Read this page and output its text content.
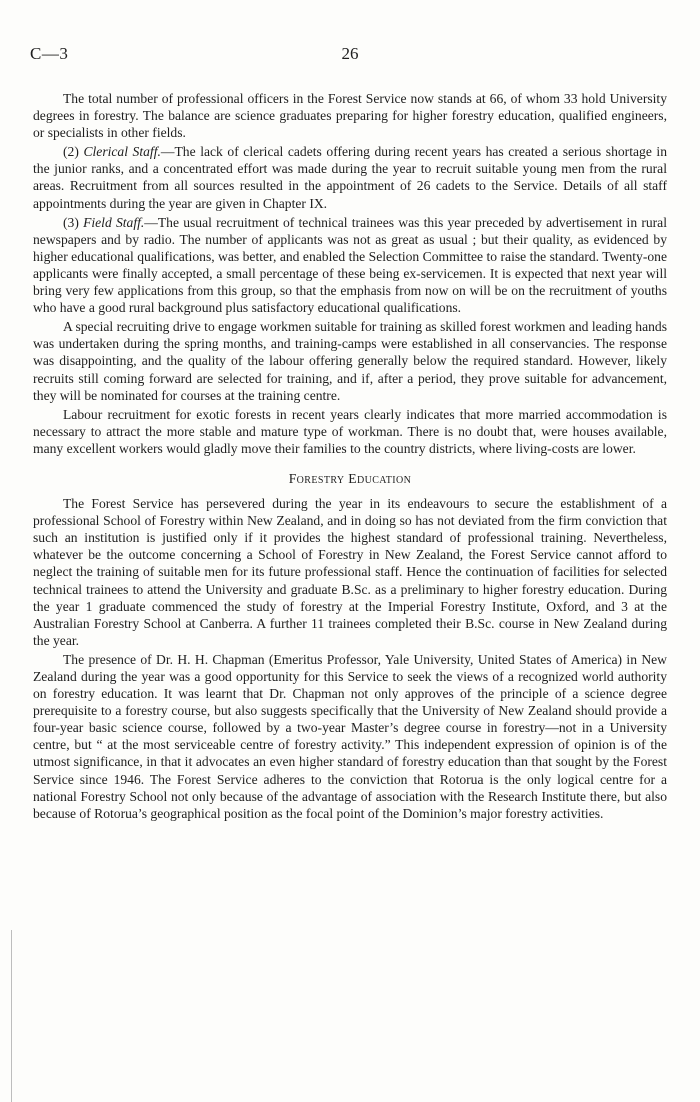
C—3	26

The total number of professional officers in the Forest Service now stands at 66, of whom 33 hold University degrees in forestry. The balance are science graduates preparing for higher forestry education, qualified engineers, or specialists in other fields.

(2) Clerical Staff.—The lack of clerical cadets offering during recent years has created a serious shortage in the junior ranks, and a concentrated effort was made during the year to recruit suitable young men from the rural areas. Recruitment from all sources resulted in the appointment of 26 cadets to the Service. Details of all staff appointments during the year are given in Chapter IX.

(3) Field Staff.—The usual recruitment of technical trainees was this year preceded by advertisement in rural newspapers and by radio. The number of applicants was not as great as usual ; but their quality, as evidenced by higher educational qualifications, was better, and enabled the Selection Committee to raise the standard. Twenty-one applicants were finally accepted, a small percentage of these being ex-servicemen. It is expected that next year will bring very few applications from this group, so that the emphasis from now on will be on the recruitment of youths who have a good rural background plus satisfactory educational qualifications.

A special recruiting drive to engage workmen suitable for training as skilled forest workmen and leading hands was undertaken during the spring months, and training-camps were established in all conservancies. The response was disappointing, and the quality of the labour offering generally below the required standard. However, likely recruits still coming forward are selected for training, and if, after a period, they prove suitable for advancement, they will be nominated for courses at the training centre.

Labour recruitment for exotic forests in recent years clearly indicates that more married accommodation is necessary to attract the more stable and mature type of workman. There is no doubt that, were houses available, many excellent workers would gladly move their families to the country districts, where living-costs are lower.

Forestry Education

The Forest Service has persevered during the year in its endeavours to secure the establishment of a professional School of Forestry within New Zealand, and in doing so has not deviated from the firm conviction that such an institution is justified only if it provides the highest standard of professional training. Nevertheless, whatever be the outcome concerning a School of Forestry in New Zealand, the Forest Service cannot afford to neglect the training of suitable men for its future professional staff. Hence the continuation of facilities for selected technical trainees to attend the University and graduate B.Sc. as a preliminary to higher forestry education. During the year 1 graduate commenced the study of forestry at the Imperial Forestry Institute, Oxford, and 3 at the Australian Forestry School at Canberra. A further 11 trainees completed their B.Sc. course in New Zealand during the year.

The presence of Dr. H. H. Chapman (Emeritus Professor, Yale University, United States of America) in New Zealand during the year was a good opportunity for this Service to seek the views of a recognized world authority on forestry education. It was learnt that Dr. Chapman not only approves of the principle of a science degree prerequisite to a forestry course, but also suggests specifically that the University of New Zealand should provide a four-year basic science course, followed by a two-year Master’s degree course in forestry—not in a University centre, but “ at the most serviceable centre of forestry activity.” This independent expression of opinion is of the utmost significance, in that it advocates an even higher standard of forestry education than that sought by the Forest Service since 1946. The Forest Service adheres to the conviction that Rotorua is the only logical centre for a national Forestry School not only because of the advantage of association with the Research Institute there, but also because of Rotorua’s geographical position as the focal point of the Dominion’s major forestry activities.
